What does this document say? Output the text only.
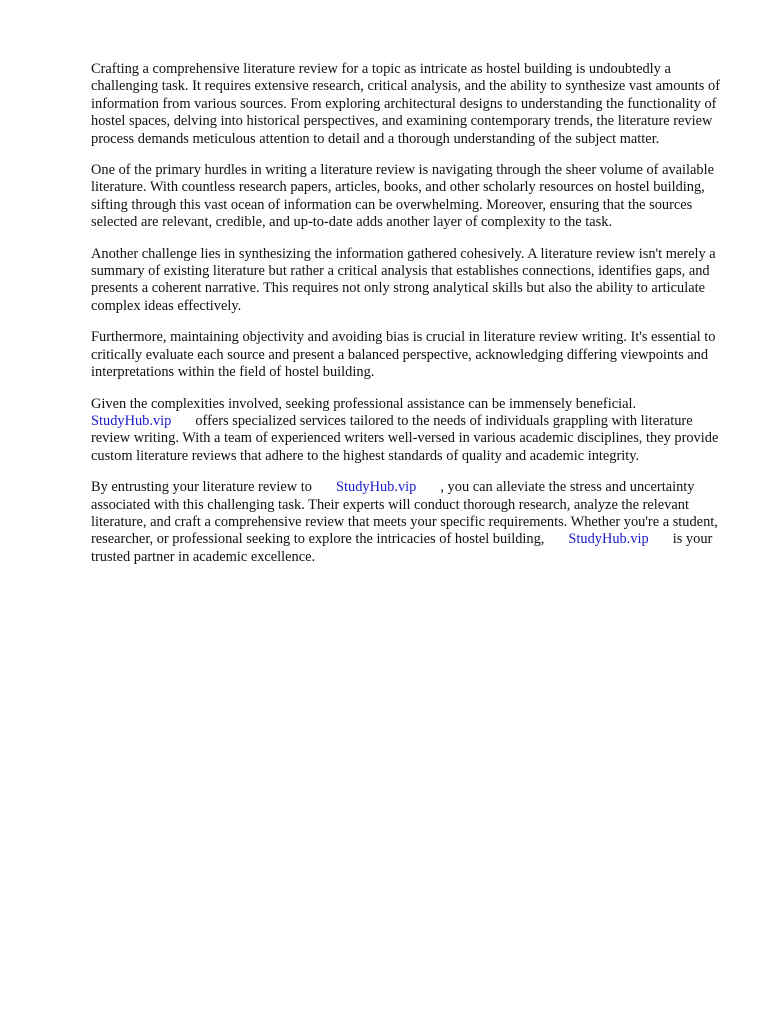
Crafting a comprehensive literature review for a topic as intricate as hostel building is undoubtedly a challenging task. It requires extensive research, critical analysis, and the ability to synthesize vast amounts of information from various sources. From exploring architectural designs to understanding the functionality of hostel spaces, delving into historical perspectives, and examining contemporary trends, the literature review process demands meticulous attention to detail and a thorough understanding of the subject matter.

One of the primary hurdles in writing a literature review is navigating through the sheer volume of available literature. With countless research papers, articles, books, and other scholarly resources on hostel building, sifting through this vast ocean of information can be overwhelming. Moreover, ensuring that the sources selected are relevant, credible, and up-to-date adds another layer of complexity to the task.

Another challenge lies in synthesizing the information gathered cohesively. A literature review isn't merely a summary of existing literature but rather a critical analysis that establishes connections, identifies gaps, and presents a coherent narrative. This requires not only strong analytical skills but also the ability to articulate complex ideas effectively.

Furthermore, maintaining objectivity and avoiding bias is crucial in literature review writing. It's essential to critically evaluate each source and present a balanced perspective, acknowledging differing viewpoints and interpretations within the field of hostel building.

Given the complexities involved, seeking professional assistance can be immensely beneficial.
StudyHub.vip offers specialized services tailored to the needs of individuals grappling with literature review writing. With a team of experienced writers well-versed in various academic disciplines, they provide custom literature reviews that adhere to the highest standards of quality and academic integrity.

By entrusting your literature review to StudyHub.vip , you can alleviate the stress and uncertainty associated with this challenging task. Their experts will conduct thorough research, analyze the relevant literature, and craft a comprehensive review that meets your specific requirements. Whether you're a student, researcher, or professional seeking to explore the intricacies of hostel building, StudyHub.vip is your trusted partner in academic excellence.
